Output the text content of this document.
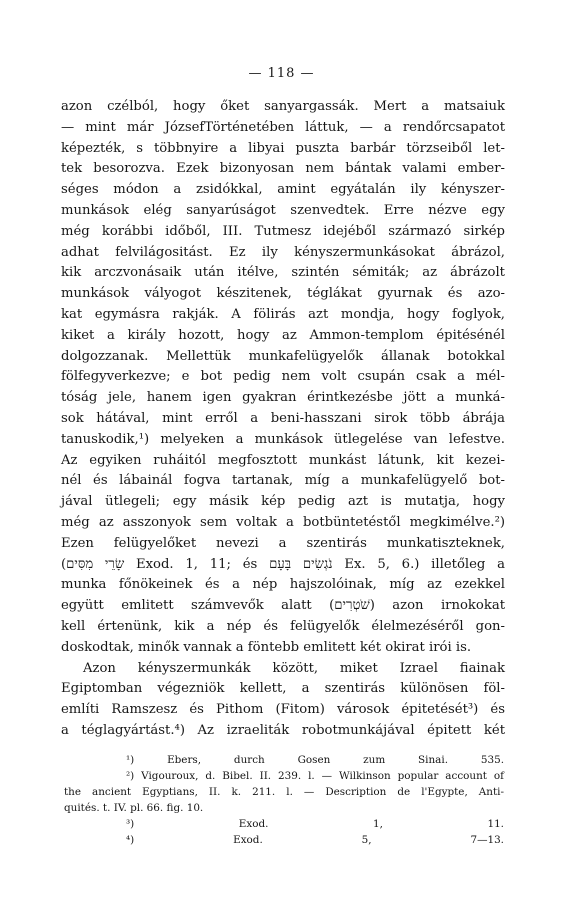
— 118 —
azon czélból, hogy őket sanyargassák. Mert a matsaiuk
— mint már JózsefTörténetében láttuk, — a rendőrcsapatot
képezték, s többnyire a libyai puszta barbár törzseiből let-
tek besorozva. Ezek bizonyosan nem bántak valami ember-
séges módon a zsidókkal, amint egyátalán ily kényszer-
munkások elég sanyarúságot szenvedtek. Erre nézve egy
még korábbi időből, III. Tutmesz idejéből származó sirkép
adhat felvilágositást. Ez ily kényszermunkásokat ábrázol,
kik arczvonásaik után itélve, szintén sémiták; az ábrázolt
munkások vályogot készitenek, téglákat gyurnak és azo-
kat egymásra rakják. A fölirás azt mondja, hogy foglyok,
kiket a király hozott, hogy az Ammon-templom épitésénél
dolgozzanak. Mellettük munkafelügyelők állanak botokkal
fölfegyverkezve; e bot pedig nem volt csupán csak a mél-
tóság jele, hanem igen gyakran érintkezésbe jött a munká-
sok hátával, mint erről a beni-hasszani sirok több ábrája
tanuskodik,¹) melyeken a munkások ütlegelése van lefestve.
Az egyiken ruháitól megfosztott munkást látunk, kit kezei-
nél és lábainál fogva tartanak, míg a munkafelügyelő bot-
jával ütlegeli; egy másik kép pedig azt is mutatja, hogy
még az asszonyok sem voltak a botbüntetéstől megkimélve.²)
Ezen felügyelőket nevezi a szentirás munkatiszteknek,
(שָׂרֵי מִסִּים Exod. 1, 11; és נֹגְשִׂים בָּעָם Ex. 5, 6.) illetőleg a
munka főnökeinek és a nép hajszolóinak, míg az ezekkel
együtt emlitett számvevők alatt (שֹׁטְרִים) azon irnokokat
kell értenünk, kik a nép és felügyelők élelmezéséről gon-
doskodtak, minők vannak a föntebb emlitett két okirat irói is.
Azon kényszermunkák között, miket Izrael fiainak
Egiptomban végezniök kellett, a szentirás különösen föl-
említi Ramszesz és Pithom (Fitom) városok épitetését³) és
a téglagyártást.⁴) Az izraeliták robotmunkájával épitett két
¹) Ebers, durch Gosen zum Sinai. 535.
²) Vigouroux, d. Bibel. II. 239. l. — Wilkinson popular account of
the ancient Egyptians, II. k. 211. l. — Description de l'Egypte, Anti-
quités. t. IV. pl. 66. fig. 10.
³) Exod. 1, 11.
⁴) Exod. 5, 7—13.
